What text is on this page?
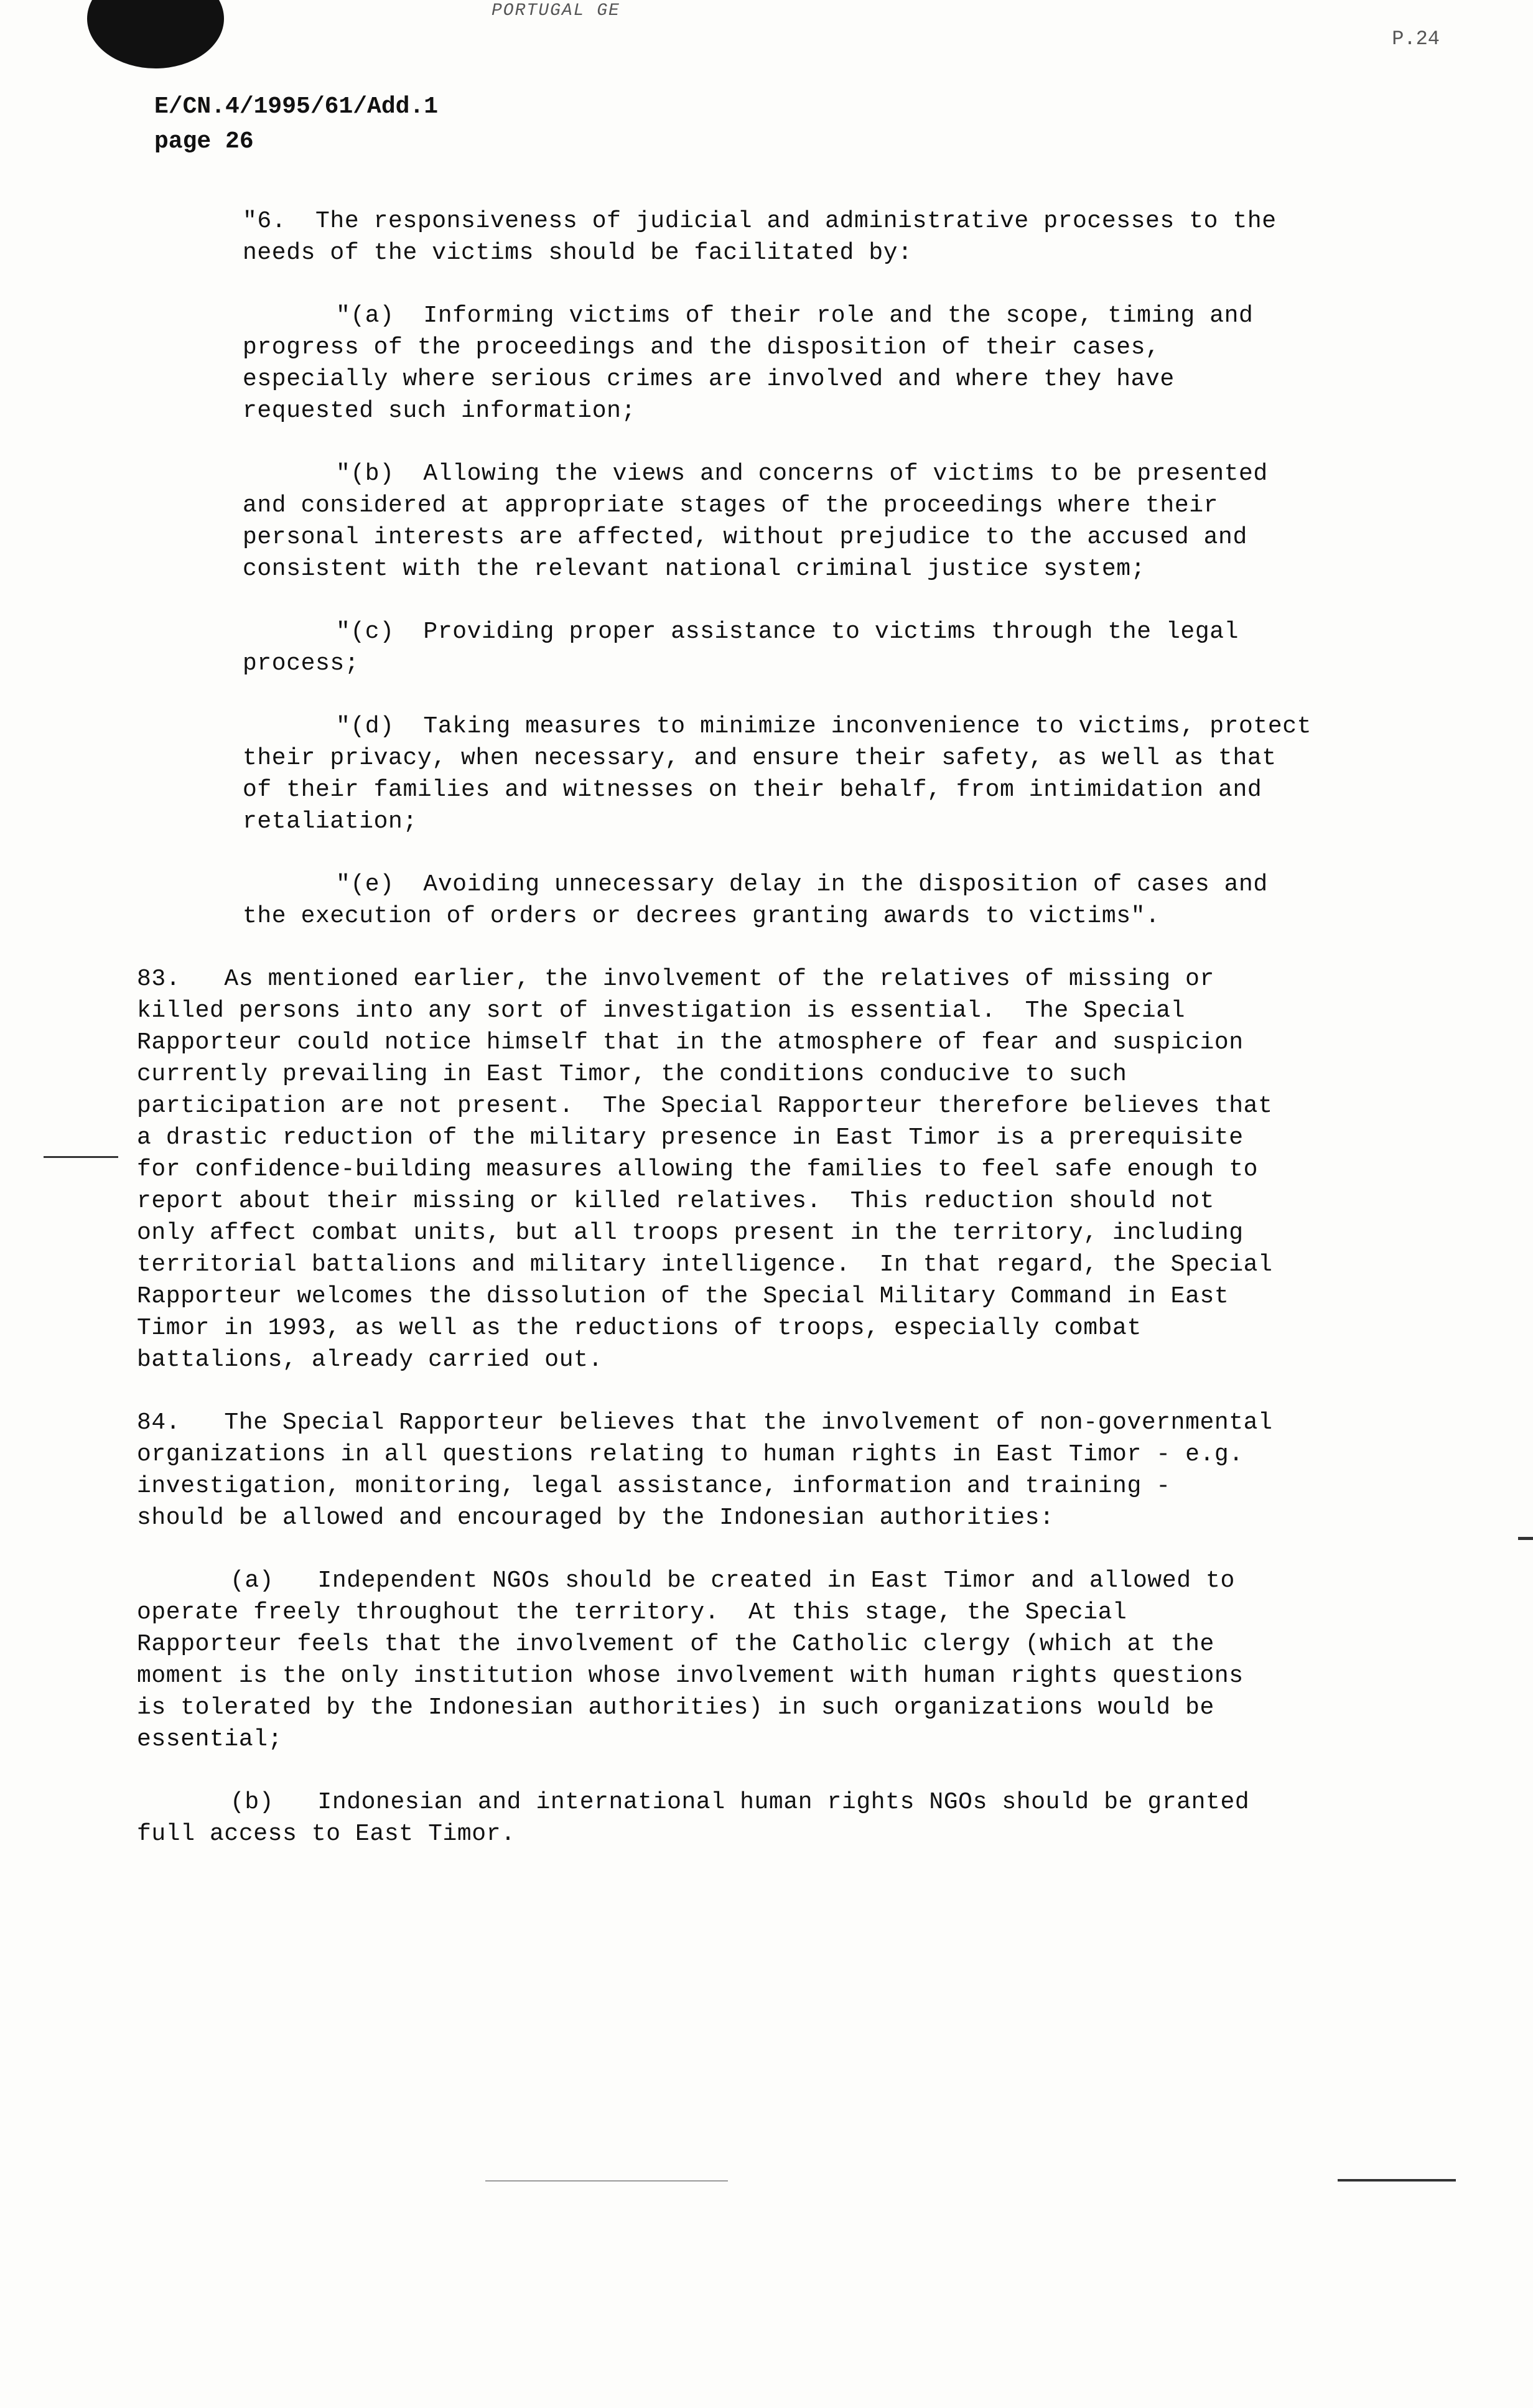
PORTUGAL GE
P.24
E/CN.4/1995/61/Add.1
page 26

"6.  The responsiveness of judicial and administrative processes to the
needs of the victims should be facilitated by:

"(a)  Informing victims of their role and the scope, timing and
progress of the proceedings and the disposition of their cases,
especially where serious crimes are involved and where they have
requested such information;

"(b)  Allowing the views and concerns of victims to be presented
and considered at appropriate stages of the proceedings where their
personal interests are affected, without prejudice to the accused and
consistent with the relevant national criminal justice system;

"(c)  Providing proper assistance to victims through the legal
process;

"(d)  Taking measures to minimize inconvenience to victims, protect
their privacy, when necessary, and ensure their safety, as well as that
of their families and witnesses on their behalf, from intimidation and
retaliation;

"(e)  Avoiding unnecessary delay in the disposition of cases and
the execution of orders or decrees granting awards to victims".

83.   As mentioned earlier, the involvement of the relatives of missing or
killed persons into any sort of investigation is essential.  The Special
Rapporteur could notice himself that in the atmosphere of fear and suspicion
currently prevailing in East Timor, the conditions conducive to such
participation are not present.  The Special Rapporteur therefore believes that
a drastic reduction of the military presence in East Timor is a prerequisite
for confidence-building measures allowing the families to feel safe enough to
report about their missing or killed relatives.  This reduction should not
only affect combat units, but all troops present in the territory, including
territorial battalions and military intelligence.  In that regard, the Special
Rapporteur welcomes the dissolution of the Special Military Command in East
Timor in 1993, as well as the reductions of troops, especially combat
battalions, already carried out.

84.   The Special Rapporteur believes that the involvement of non-governmental
organizations in all questions relating to human rights in East Timor - e.g.
investigation, monitoring, legal assistance, information and training -
should be allowed and encouraged by the Indonesian authorities:

(a)   Independent NGOs should be created in East Timor and allowed to
operate freely throughout the territory.  At this stage, the Special
Rapporteur feels that the involvement of the Catholic clergy (which at the
moment is the only institution whose involvement with human rights questions
is tolerated by the Indonesian authorities) in such organizations would be
essential;

(b)   Indonesian and international human rights NGOs should be granted
full access to East Timor.
